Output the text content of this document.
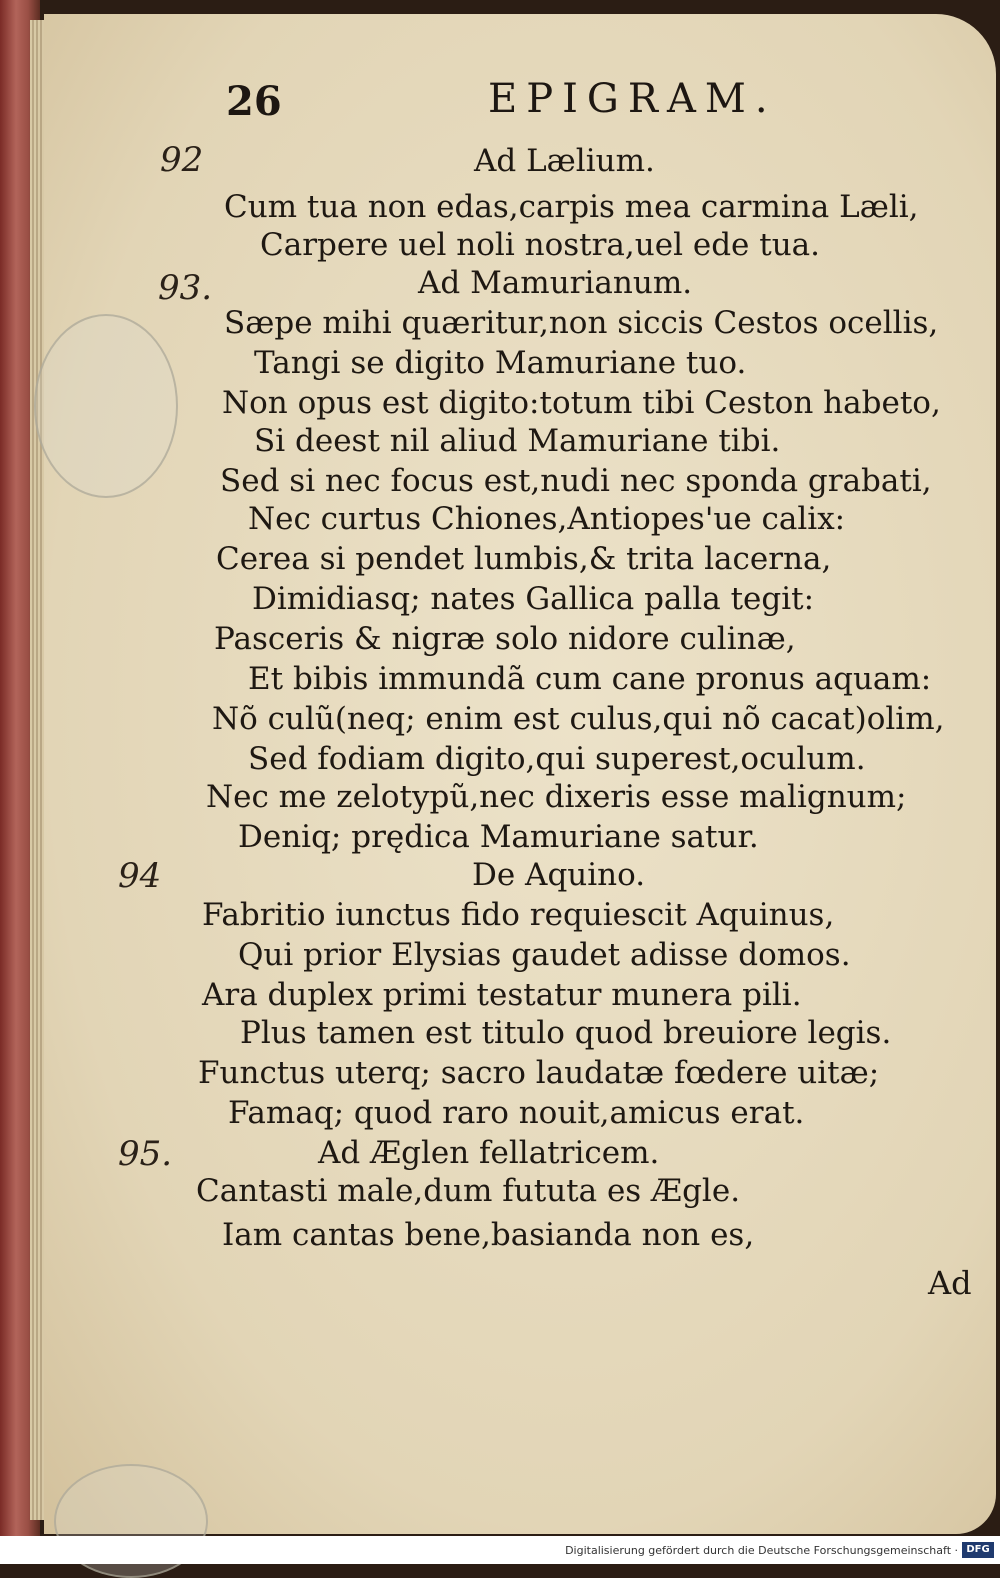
26	EPIGRAM.
92
93.
94
95.
Ad Lælium.
Cum tua non edas,carpis mea carmina Læli,
Carpere uel noli nostra,uel ede tua.
Ad Mamurianum.
Sæpe mihi quæritur,non siccis Cestos ocellis,
Tangi se digito Mamuriane tuo.
Non opus est digito:totum tibi Ceston habeto,
Si deest nil aliud Mamuriane tibi.
Sed si nec focus est,nudi nec sponda grabati,
Nec curtus Chiones,Antiopes'ue calix:
Cerea si pendet lumbis,& trita lacerna,
Dimidiasq; nates Gallica palla tegit:
Pasceris & nigræ solo nidore culinæ,
Et bibis immundã cum cane pronus aquam:
Nõ culũ(neq; enim est culus,qui nõ cacat)olim,
Sed fodiam digito,qui superest,oculum.
Nec me zelotypũ,nec dixeris esse malignum;
Deniq; prędica Mamuriane satur.
De Aquino.
Fabritio iunctus fido requiescit Aquinus,
Qui prior Elysias gaudet adisse domos.
Ara duplex primi testatur munera pili.
Plus tamen est titulo quod breuiore legis.
Functus uterq; sacro laudatæ fœdere uitæ;
Famaq; quod raro nouit,amicus erat.
Ad Æglen fellatricem.
Cantasti male,dum fututa es Ægle.
Iam cantas bene,basianda non es,
Ad
Digitalisierung gefördert durch die Deutsche Forschungsgemeinschaft · DFG
